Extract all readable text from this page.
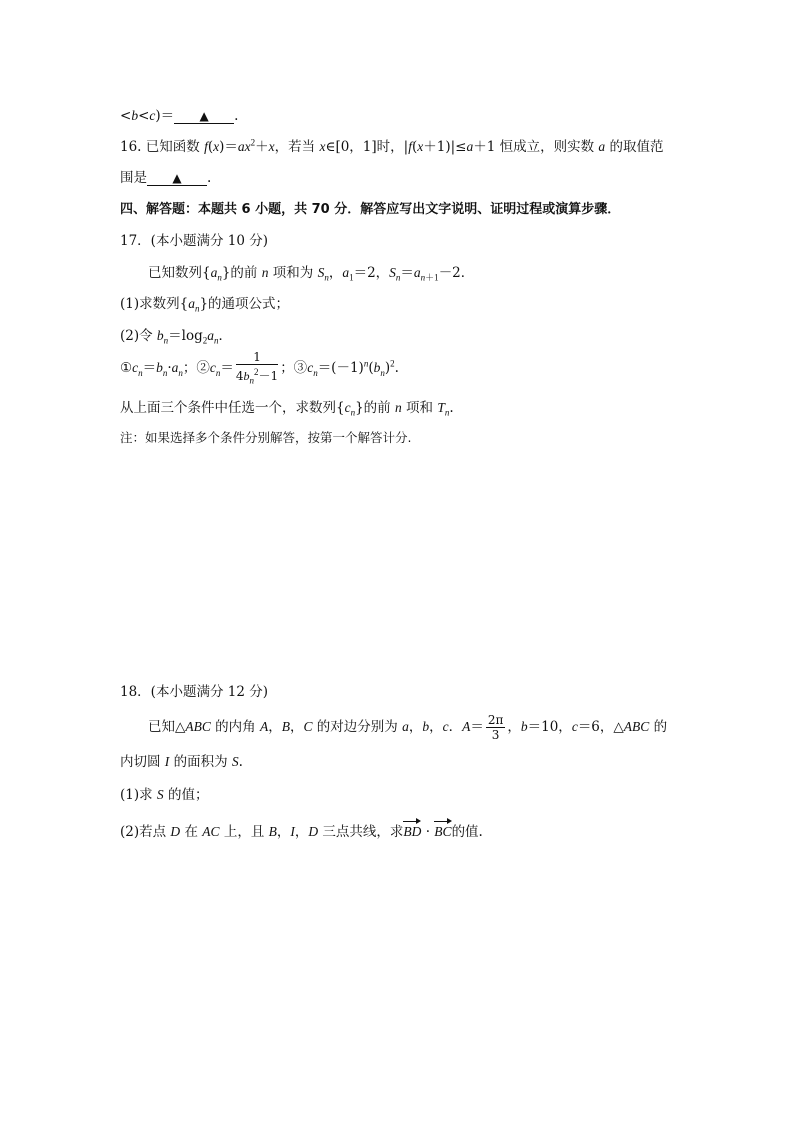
<b<c)＝ ▲ .
16. 已知函数 $f(x)=ax^2+x$，若当 x∈[0，1]时，|f(x＋1)|≤a＋1 恒成立，则实数 a 的取值范
围是 ▲ .
四、解答题：本题共 6 小题，共 70 分．解答应写出文字说明、证明过程或演算步骤．
17．(本小题满分 10 分)
已知数列$\{a_n\}$的前 n 项和为 $S_n$，$a_1=2$，$S_n=a_{n+1}-2$．
(1)求数列$\{a_n\}$的通项公式；
(2)令 $b_n=\log_2a_n$．
$①c_n=b_n\cdot a_n$；$②c_n= \frac{1}{4b_n^2-1}$ ；$③c_n=(-1)^n(b_n)^2$.
从上面三个条件中任选一个，求数列$\{c_n\}$的前 n 项和 $T_n$.
注：如果选择多个条件分别解答，按第一个解答计分.
18．(本小题满分 12 分)
已知△ABC 的内角 A，B，C 的对边分别为 a，b，c．$A= \frac{2\pi}{3}$ ，b＝10，c＝6，△ABC 的
内切圆 I 的面积为 S.
(1)求 S 的值；
(2)若点 D 在 AC 上，且 B，I，D 三点共线，求BD · BC的值.
